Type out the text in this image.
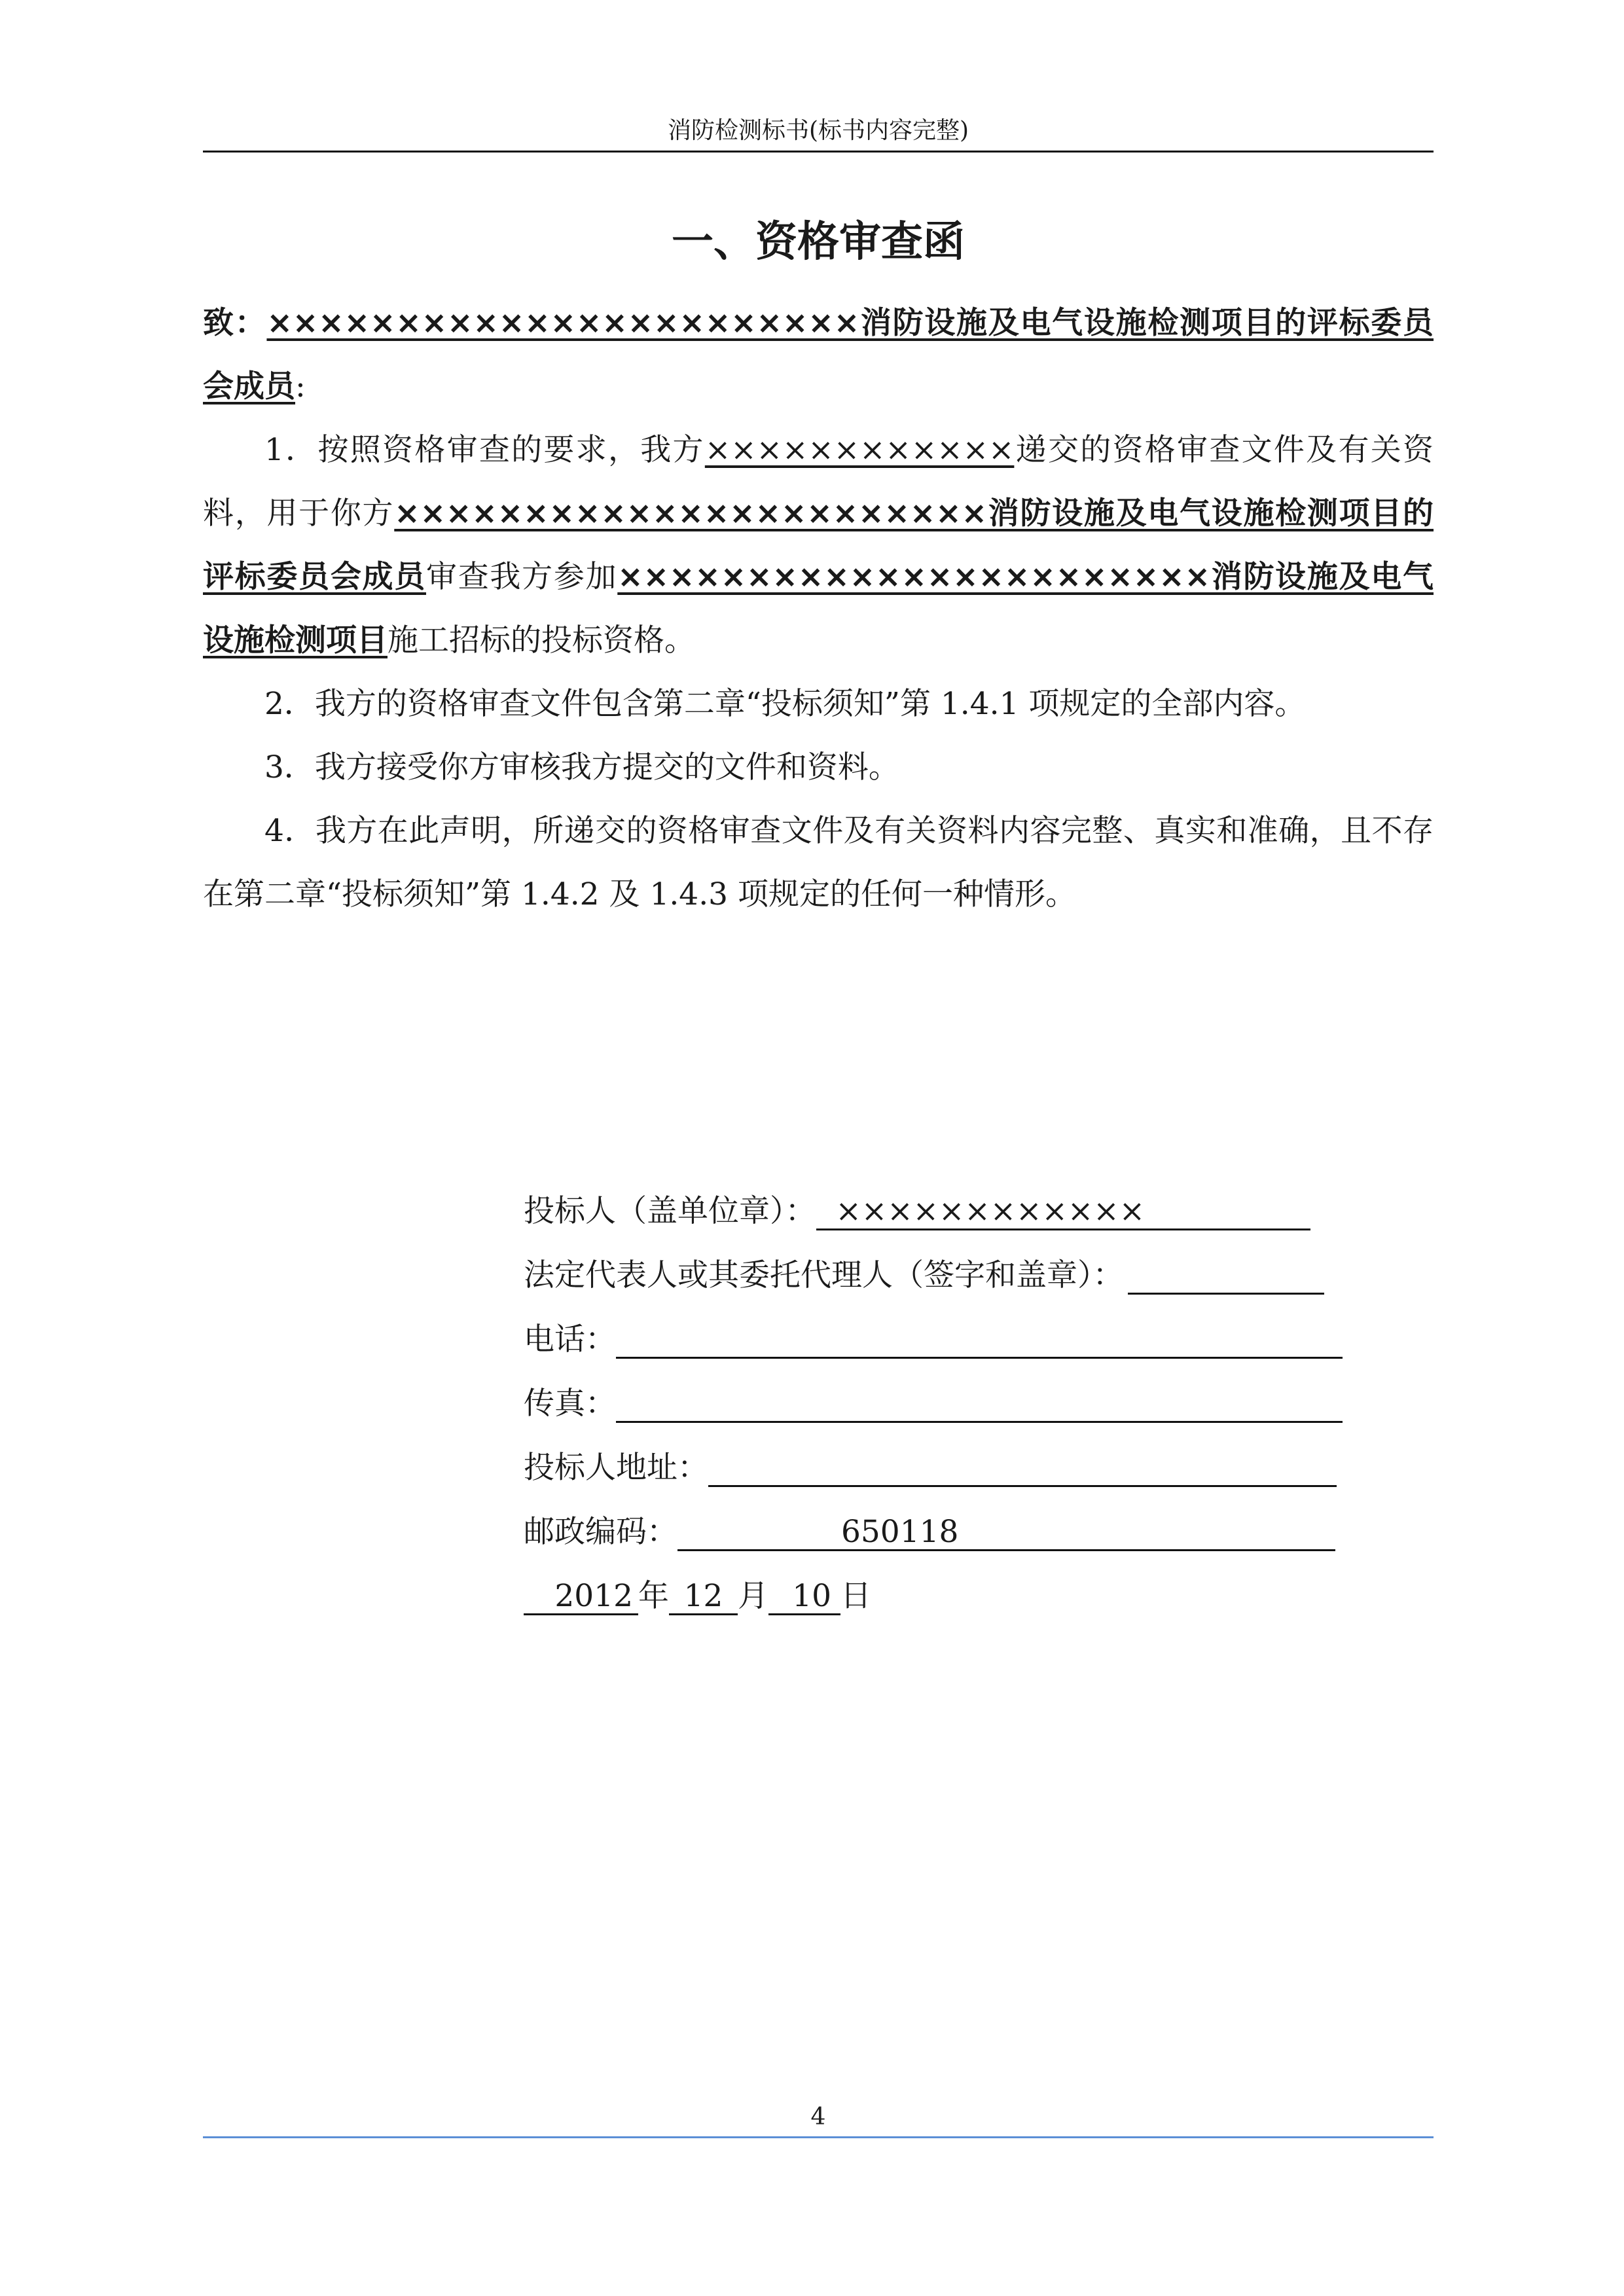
消防检测标书(标书内容完整)
一、资格审查函

致：×××××××××××××××××××××××消防设施及电气设施检测项目的评标委员会成员:

1．按照资格审查的要求，我方××××××××××××递交的资格审查文件及有关资料，用于你方×××××××××××××××××××××××消防设施及电气设施检测项目的评标委员会成员审查我方参加×××××××××××××××××××××××消防设施及电气设施检测项目施工招标的投标资格。

2．我方的资格审查文件包含第二章“投标须知”第 1.4.1 项规定的全部内容。

3．我方接受你方审核我方提交的文件和资料。

4．我方在此声明，所递交的资格审查文件及有关资料内容完整、真实和准确，且不存在第二章“投标须知”第 1.4.2 及 1.4.3 项规定的任何一种情形。

投标人（盖单位章）： ××××××××××××
法定代表人或其委托代理人（签字和盖章）：
电话：
传真：
投标人地址：
邮政编码：	650118
2012 年 12 月 10 日
4
